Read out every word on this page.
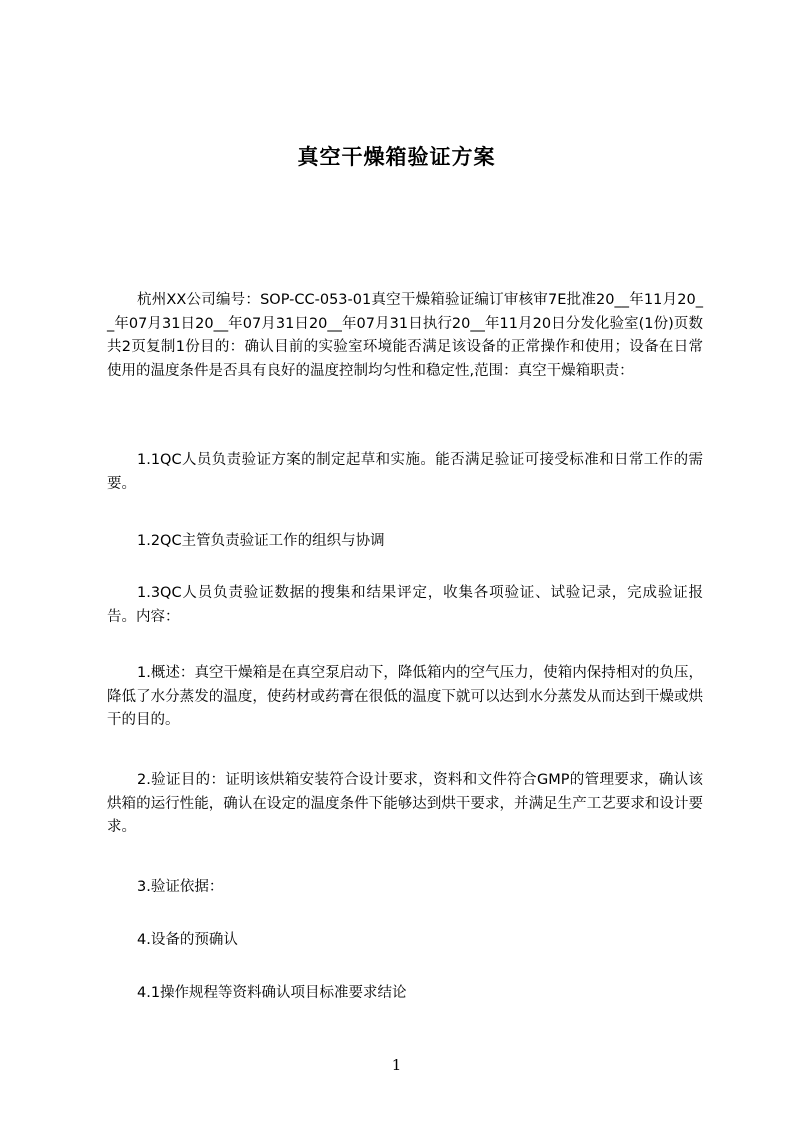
真空干燥箱验证方案

杭州XX公司编号：SOP-CC-053-01真空干燥箱验证编订审核审7E批准20__年11月20__年07月31日20__年07月31日20__年07月31日执行20__年11月20日分发化验室(1份)页数共2页复制1份目的：确认目前的实验室环境能否满足该设备的正常操作和使用；设备在日常使用的温度条件是否具有良好的温度控制均匀性和稳定性,范围：真空干燥箱职责：

1.1QC人员负责验证方案的制定起草和实施。能否满足验证可接受标准和日常工作的需要。

1.2QC主管负责验证工作的组织与协调

1.3QC人员负责验证数据的搜集和结果评定，收集各项验证、试验记录，完成验证报告。内容：

1.概述：真空干燥箱是在真空泵启动下，降低箱内的空气压力，使箱内保持相对的负压，降低了水分蒸发的温度，使药材或药膏在很低的温度下就可以达到水分蒸发从而达到干燥或烘干的目的。

2.验证目的：证明该烘箱安装符合设计要求，资料和文件符合GMP的管理要求，确认该烘箱的运行性能，确认在设定的温度条件下能够达到烘干要求，并满足生产工艺要求和设计要求。

3.验证依据：

4.设备的预确认

4.1操作规程等资料确认项目标准要求结论

1
